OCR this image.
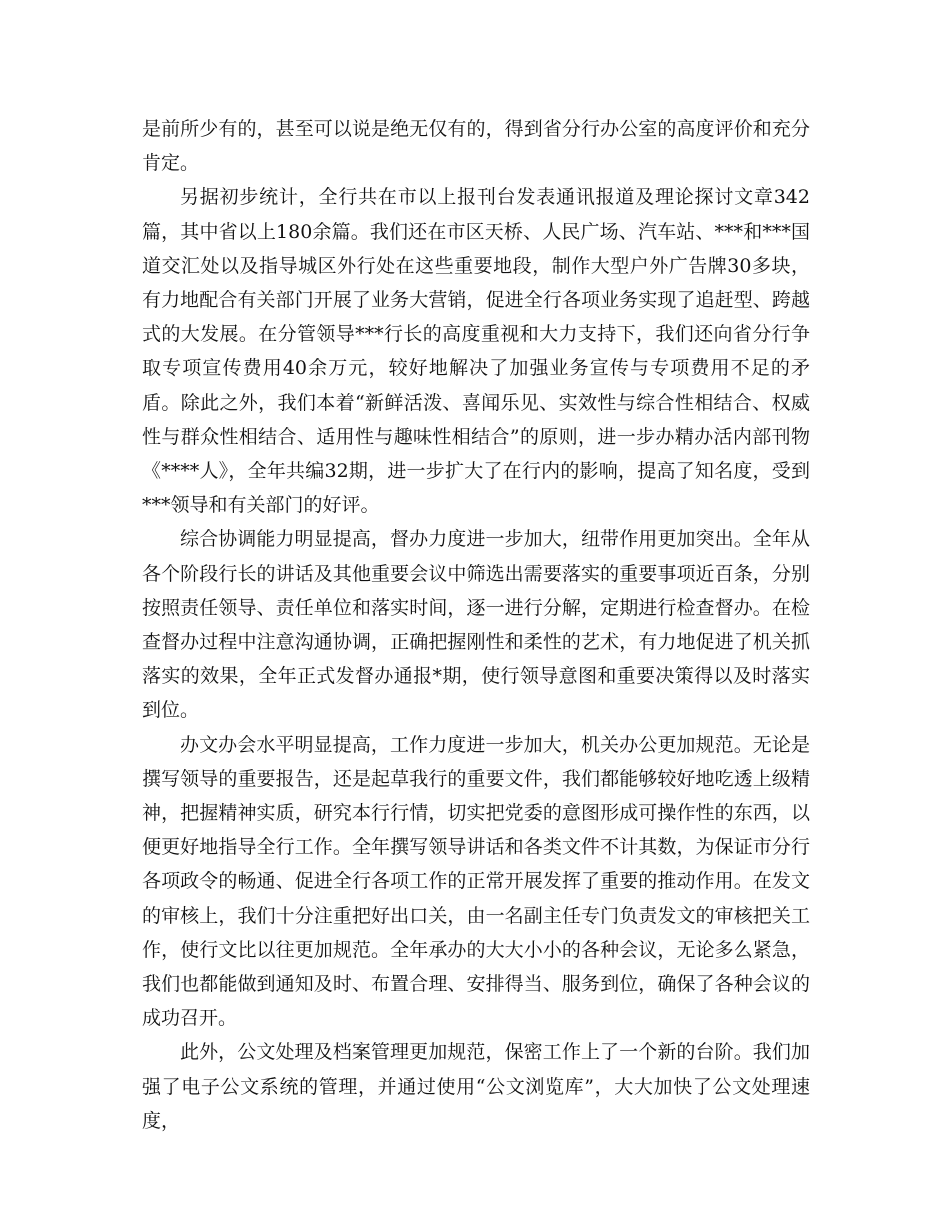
是前所少有的，甚至可以说是绝无仅有的，得到省分行办公室的高度评价和充分肯定。

另据初步统计，全行共在市以上报刊台发表通讯报道及理论探讨文章342篇，其中省以上180余篇。我们还在市区天桥、人民广场、汽车站、***和***国道交汇处以及指导城区外行处在这些重要地段，制作大型户外广告牌30多块，有力地配合有关部门开展了业务大营销，促进全行各项业务实现了追赶型、跨越式的大发展。在分管领导***行长的高度重视和大力支持下，我们还向省分行争取专项宣传费用40余万元，较好地解决了加强业务宣传与专项费用不足的矛盾。除此之外，我们本着“新鲜活泼、喜闻乐见、实效性与综合性相结合、权威性与群众性相结合、适用性与趣味性相结合”的原则，进一步办精办活内部刊物《****人》，全年共编32期，进一步扩大了在行内的影响，提高了知名度，受到***领导和有关部门的好评。

综合协调能力明显提高，督办力度进一步加大，纽带作用更加突出。全年从各个阶段行长的讲话及其他重要会议中筛选出需要落实的重要事项近百条，分别按照责任领导、责任单位和落实时间，逐一进行分解，定期进行检查督办。在检查督办过程中注意沟通协调，正确把握刚性和柔性的艺术，有力地促进了机关抓落实的效果，全年正式发督办通报*期，使行领导意图和重要决策得以及时落实到位。

办文办会水平明显提高，工作力度进一步加大，机关办公更加规范。无论是撰写领导的重要报告，还是起草我行的重要文件，我们都能够较好地吃透上级精神，把握精神实质，研究本行行情，切实把党委的意图形成可操作性的东西，以便更好地指导全行工作。全年撰写领导讲话和各类文件不计其数，为保证市分行各项政令的畅通、促进全行各项工作的正常开展发挥了重要的推动作用。在发文的审核上，我们十分注重把好出口关，由一名副主任专门负责发文的审核把关工作，使行文比以往更加规范。全年承办的大大小小的各种会议，无论多么紧急，我们也都能做到通知及时、布置合理、安排得当、服务到位，确保了各种会议的成功召开。

此外，公文处理及档案管理更加规范，保密工作上了一个新的台阶。我们加强了电子公文系统的管理，并通过使用“公文浏览库”，大大加快了公文处理速度，
